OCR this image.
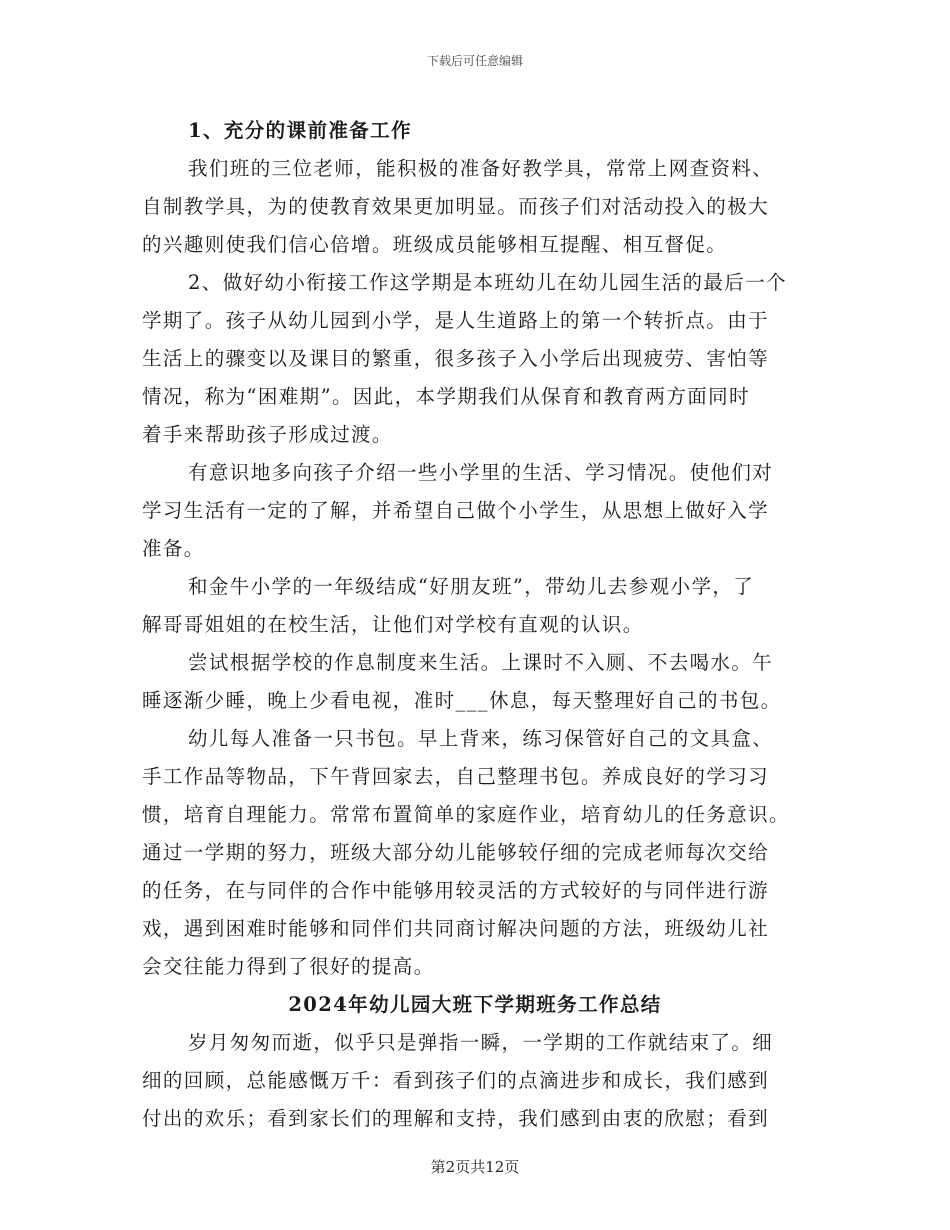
下载后可任意编辑
1、充分的课前准备工作
我们班的三位老师，能积极的准备好教学具，常常上网查资料、
自制教学具，为的使教育效果更加明显。而孩子们对活动投入的极大
的兴趣则使我们信心倍增。班级成员能够相互提醒、相互督促。
2、做好幼小衔接工作这学期是本班幼儿在幼儿园生活的最后一个
学期了。孩子从幼儿园到小学，是人生道路上的第一个转折点。由于
生活上的骤变以及课目的繁重，很多孩子入小学后出现疲劳、害怕等
情况，称为“困难期”。因此，本学期我们从保育和教育两方面同时
着手来帮助孩子形成过渡。
有意识地多向孩子介绍一些小学里的生活、学习情况。使他们对
学习生活有一定的了解，并希望自己做个小学生，从思想上做好入学
准备。
和金牛小学的一年级结成“好朋友班”，带幼儿去参观小学，了
解哥哥姐姐的在校生活，让他们对学校有直观的认识。
尝试根据学校的作息制度来生活。上课时不入厕、不去喝水。午
睡逐渐少睡，晚上少看电视，准时___休息，每天整理好自己的书包。
幼儿每人准备一只书包。早上背来，练习保管好自己的文具盒、
手工作品等物品，下午背回家去，自己整理书包。养成良好的学习习
惯，培育自理能力。常常布置简单的家庭作业，培育幼儿的任务意识。
通过一学期的努力，班级大部分幼儿能够较仔细的完成老师每次交给
的任务，在与同伴的合作中能够用较灵活的方式较好的与同伴进行游
戏，遇到困难时能够和同伴们共同商讨解决问题的方法，班级幼儿社
会交往能力得到了很好的提高。
2024年幼儿园大班下学期班务工作总结
岁月匆匆而逝，似乎只是弹指一瞬，一学期的工作就结束了。细
细的回顾，总能感慨万千：看到孩子们的点滴进步和成长，我们感到
付出的欢乐；看到家长们的理解和支持，我们感到由衷的欣慰；看到
第2页共12页
